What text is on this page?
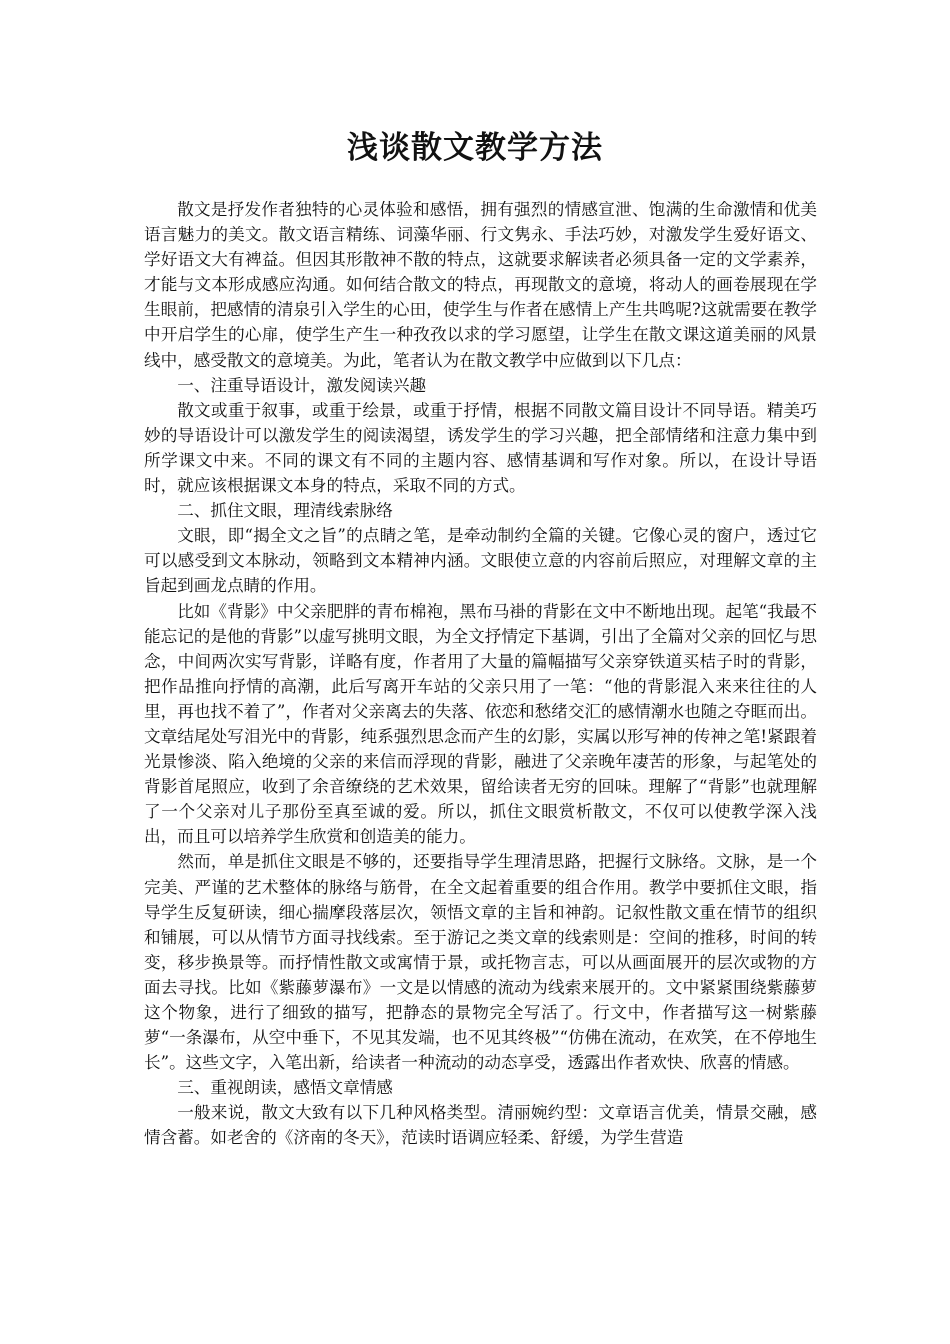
浅谈散文教学方法

散文是抒发作者独特的心灵体验和感悟，拥有强烈的情感宣泄、饱满的生命激情和优美语言魅力的美文。散文语言精练、词藻华丽、行文隽永、手法巧妙，对激发学生爱好语文、学好语文大有裨益。但因其形散神不散的特点，这就要求解读者必须具备一定的文学素养，才能与文本形成感应沟通。如何结合散文的特点，再现散文的意境，将动人的画卷展现在学生眼前，把感情的清泉引入学生的心田，使学生与作者在感情上产生共鸣呢?这就需要在教学中开启学生的心扉，使学生产生一种孜孜以求的学习愿望，让学生在散文课这道美丽的风景线中，感受散文的意境美。为此，笔者认为在散文教学中应做到以下几点：

一、注重导语设计，激发阅读兴趣

散文或重于叙事，或重于绘景，或重于抒情，根据不同散文篇目设计不同导语。精美巧妙的导语设计可以激发学生的阅读渴望，诱发学生的学习兴趣，把全部情绪和注意力集中到所学课文中来。不同的课文有不同的主题内容、感情基调和写作对象。所以，在设计导语时，就应该根据课文本身的特点，采取不同的方式。

二、抓住文眼，理清线索脉络

文眼，即“揭全文之旨”的点睛之笔，是牵动制约全篇的关键。它像心灵的窗户，透过它可以感受到文本脉动，领略到文本精神内涵。文眼使立意的内容前后照应，对理解文章的主旨起到画龙点睛的作用。

比如《背影》中父亲肥胖的青布棉袍，黑布马褂的背影在文中不断地出现。起笔“我最不能忘记的是他的背影”以虚写挑明文眼，为全文抒情定下基调，引出了全篇对父亲的回忆与思念，中间两次实写背影，详略有度，作者用了大量的篇幅描写父亲穿铁道买桔子时的背影，把作品推向抒情的高潮，此后写离开车站的父亲只用了一笔：“他的背影混入来来往往的人里，再也找不着了”，作者对父亲离去的失落、依恋和愁绪交汇的感情潮水也随之夺眶而出。文章结尾处写泪光中的背影，纯系强烈思念而产生的幻影，实属以形写神的传神之笔!紧跟着光景惨淡、陷入绝境的父亲的来信而浮现的背影，融进了父亲晚年凄苦的形象，与起笔处的背影首尾照应，收到了余音缭绕的艺术效果，留给读者无穷的回味。理解了“背影”也就理解了一个父亲对儿子那份至真至诚的爱。所以，抓住文眼赏析散文，不仅可以使教学深入浅出，而且可以培养学生欣赏和创造美的能力。

然而，单是抓住文眼是不够的，还要指导学生理清思路，把握行文脉络。文脉，是一个完美、严谨的艺术整体的脉络与筋骨，在全文起着重要的组合作用。教学中要抓住文眼，指导学生反复研读，细心揣摩段落层次，领悟文章的主旨和神韵。记叙性散文重在情节的组织和铺展，可以从情节方面寻找线索。至于游记之类文章的线索则是：空间的推移，时间的转变，移步换景等。而抒情性散文或寓情于景，或托物言志，可以从画面展开的层次或物的方面去寻找。比如《紫藤萝瀑布》一文是以情感的流动为线索来展开的。文中紧紧围绕紫藤萝这个物象，进行了细致的描写，把静态的景物完全写活了。行文中，作者描写这一树紫藤萝“一条瀑布，从空中垂下，不见其发端，也不见其终极”“仿佛在流动，在欢笑，在不停地生长”。这些文字，入笔出新，给读者一种流动的动态享受，透露出作者欢快、欣喜的情感。

三、重视朗读，感悟文章情感

一般来说，散文大致有以下几种风格类型。清丽婉约型：文章语言优美，情景交融，感情含蓄。如老舍的《济南的冬天》，范读时语调应轻柔、舒缓，为学生营造
